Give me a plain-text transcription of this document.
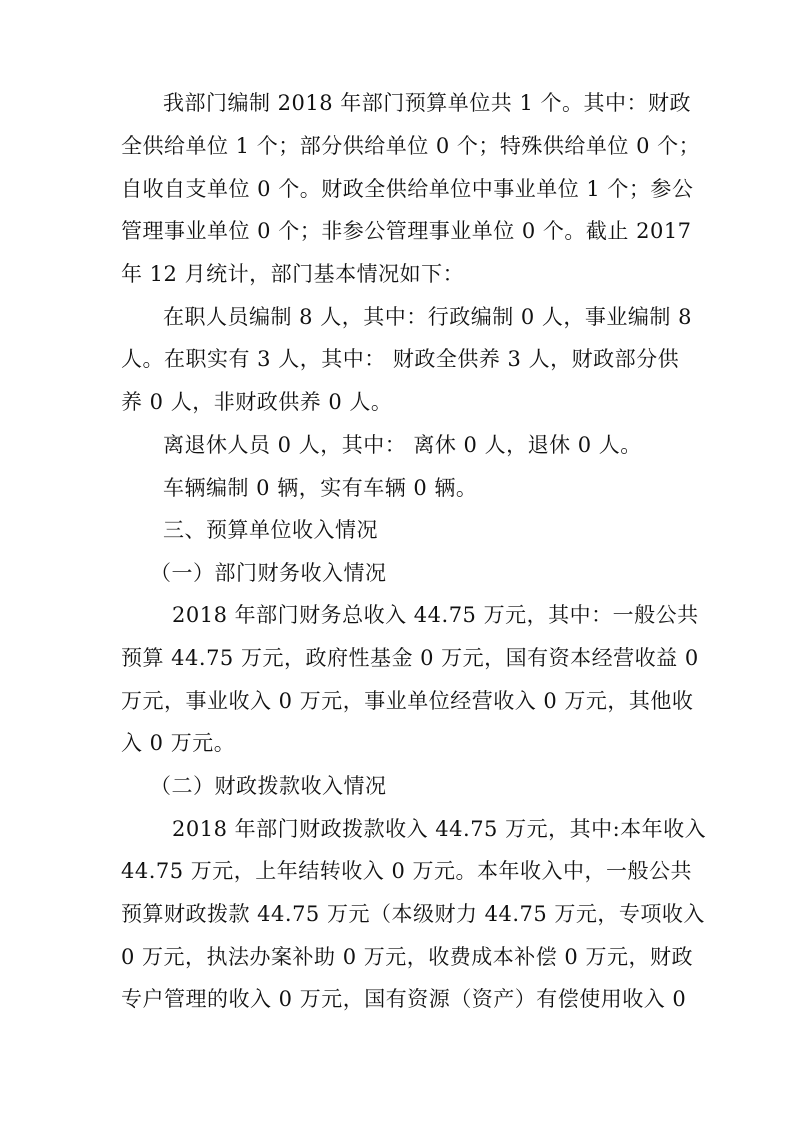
我部门编制 2018 年部门预算单位共 1 个。其中：财政
全供给单位 1 个；部分供给单位 0 个；特殊供给单位 0 个；
自收自支单位 0 个。财政全供给单位中事业单位 1 个；参公
管理事业单位 0 个；非参公管理事业单位 0 个。截止 2017
年 12 月统计，部门基本情况如下：
在职人员编制 8 人，其中：行政编制 0 人，事业编制 8
人。在职实有 3 人，其中： 财政全供养 3 人，财政部分供
养 0 人，非财政供养 0 人。
离退休人员 0 人，其中： 离休 0 人，退休 0 人。
车辆编制 0 辆，实有车辆 0 辆。
三、预算单位收入情况
（一）部门财务收入情况
2018 年部门财务总收入 44.75 万元，其中：一般公共
预算 44.75 万元，政府性基金 0 万元，国有资本经营收益 0
万元，事业收入 0 万元，事业单位经营收入 0 万元，其他收
入 0 万元。
（二）财政拨款收入情况
2018 年部门财政拨款收入 44.75 万元，其中:本年收入
44.75 万元，上年结转收入 0 万元。本年收入中，一般公共
预算财政拨款 44.75 万元（本级财力 44.75 万元，专项收入
0 万元，执法办案补助 0 万元，收费成本补偿 0 万元，财政
专户管理的收入 0 万元，国有资源（资产）有偿使用收入 0
